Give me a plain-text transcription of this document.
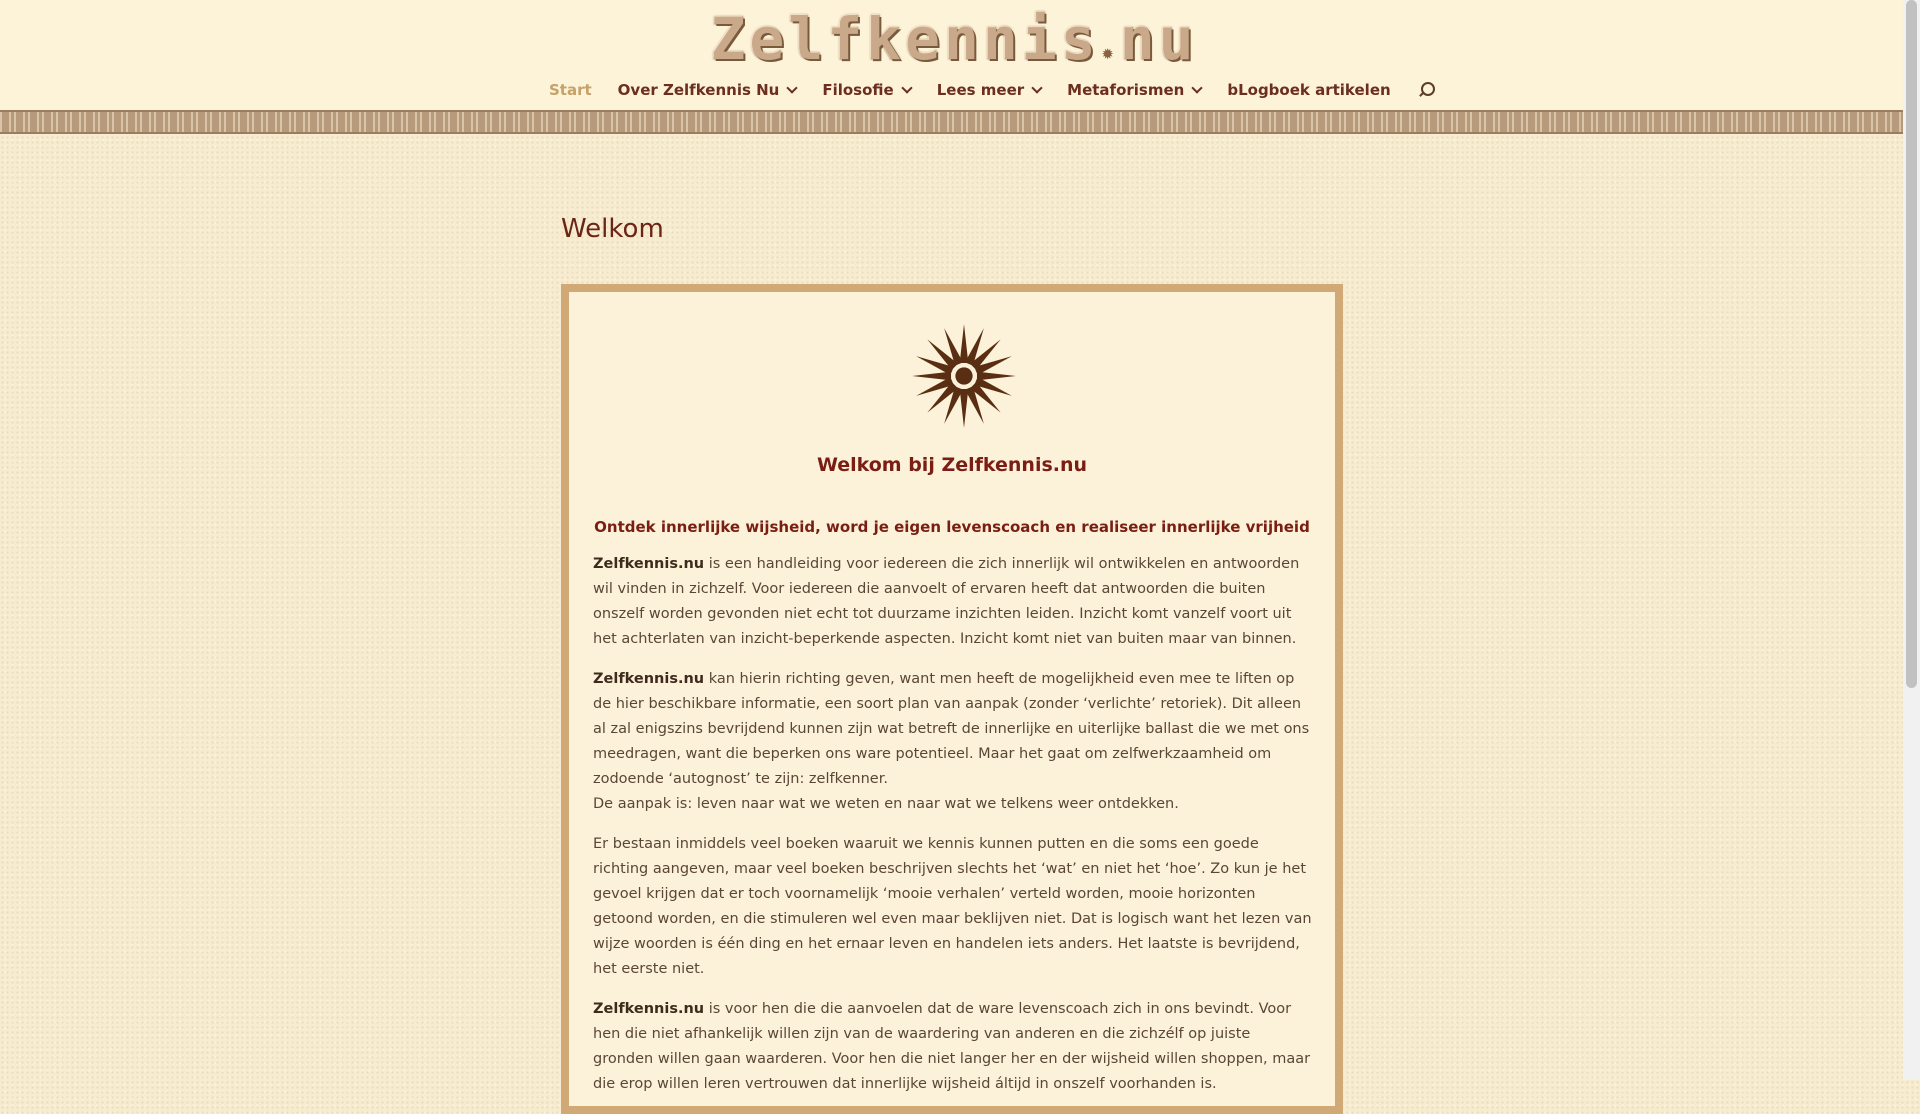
Zelfkennis ✹ nu
Start Over Zelfkennis Nu	Filosofie	Lees meer	Metaforismen	bLogboek artikelen
Welkom
Welkom bij Zelfkennis.nu

Ontdek innerlijke wijsheid, word je eigen levenscoach en realiseer innerlijke vrijheid

Zelfkennis.nu is een handleiding voor iedereen die zich innerlijk wil ontwikkelen en antwoorden wil vinden in zichzelf. Voor iedereen die aanvoelt of ervaren heeft dat antwoorden die buiten onszelf worden gevonden niet echt tot duurzame inzichten leiden. Inzicht komt vanzelf voort uit het achterlaten van inzicht-beperkende aspecten. Inzicht komt niet van buiten maar van binnen.

Zelfkennis.nu kan hierin richting geven, want men heeft de mogelijkheid even mee te liften op de hier beschikbare informatie, een soort plan van aanpak (zonder ‘verlichte’ retoriek). Dit alleen al zal enigszins bevrijdend kunnen zijn wat betreft de innerlijke en uiterlijke ballast die we met ons meedragen, want die beperken ons ware potentieel. Maar het gaat om zelfwerkzaamheid om zodoende ‘autognost’ te zijn: zelfkenner.
De aanpak is: leven naar wat we weten en naar wat we telkens weer ontdekken.

Er bestaan inmiddels veel boeken waaruit we kennis kunnen putten en die soms een goede richting aangeven, maar veel boeken beschrijven slechts het ‘wat’ en niet het ‘hoe’. Zo kun je het gevoel krijgen dat er toch voornamelijk ‘mooie verhalen’ verteld worden, mooie horizonten getoond worden, en die stimuleren wel even maar beklijven niet. Dat is logisch want het lezen van wijze woorden is één ding en het ernaar leven en handelen iets anders. Het laatste is bevrijdend, het eerste niet.

Zelfkennis.nu is voor hen die die aanvoelen dat de ware levenscoach zich in ons bevindt. Voor hen die niet afhankelijk willen zijn van de waardering van anderen en die zichzélf op juiste gronden willen gaan waarderen. Voor hen die niet langer her en der wijsheid willen shoppen, maar die erop willen leren vertrouwen dat innerlijke wijsheid áltijd in onszelf voorhanden is.
